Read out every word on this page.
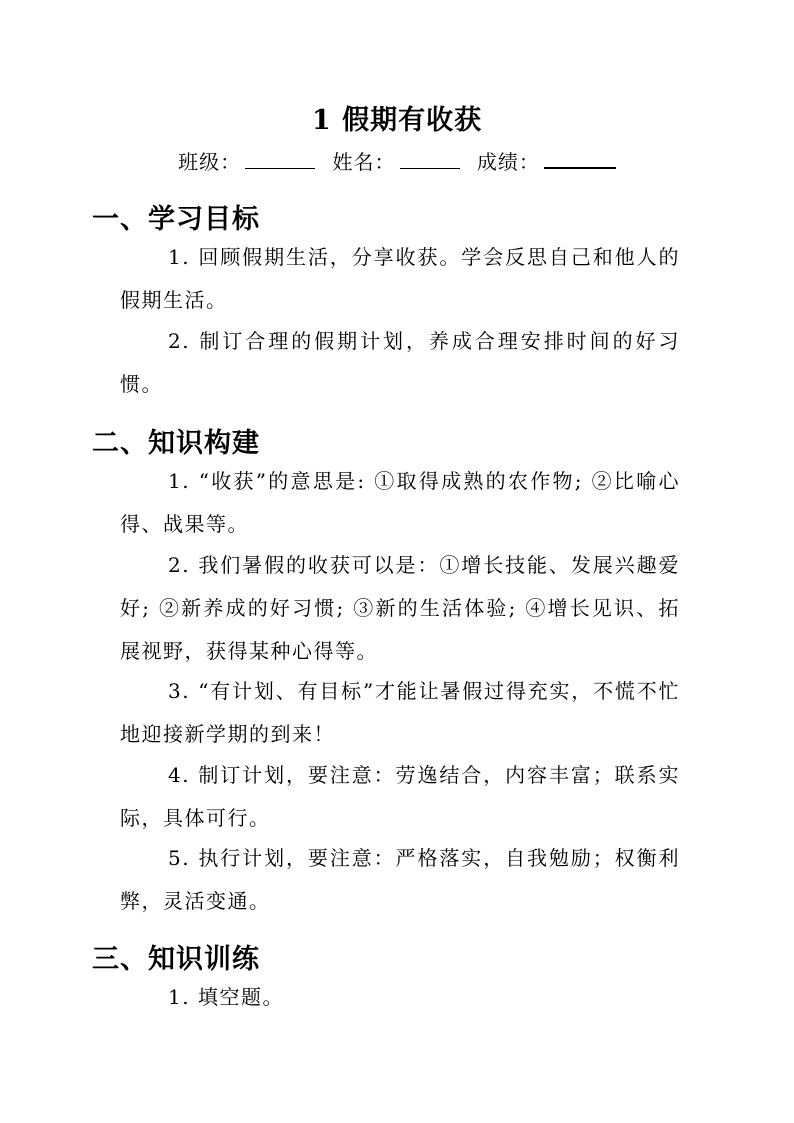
1 假期有收获
班级：	姓名：	成绩：
一、学习目标

1. 回顾假期生活，分享收获。学会反思自己和他人的假期生活。

2. 制订合理的假期计划，养成合理安排时间的好习惯。

二、知识构建

1. “收获”的意思是: ①取得成熟的农作物; ②比喻心得、战果等。

2. 我们暑假的收获可以是：①增长技能、发展兴趣爱好; ②新养成的好习惯; ③新的生活体验; ④增长见识、拓展视野，获得某种心得等。

3. “有计划、有目标”才能让暑假过得充实，不慌不忙地迎接新学期的到来！

4. 制订计划，要注意：劳逸结合，内容丰富；联系实际，具体可行。

5. 执行计划，要注意：严格落实，自我勉励；权衡利弊，灵活变通。

三、知识训练

1. 填空题。
